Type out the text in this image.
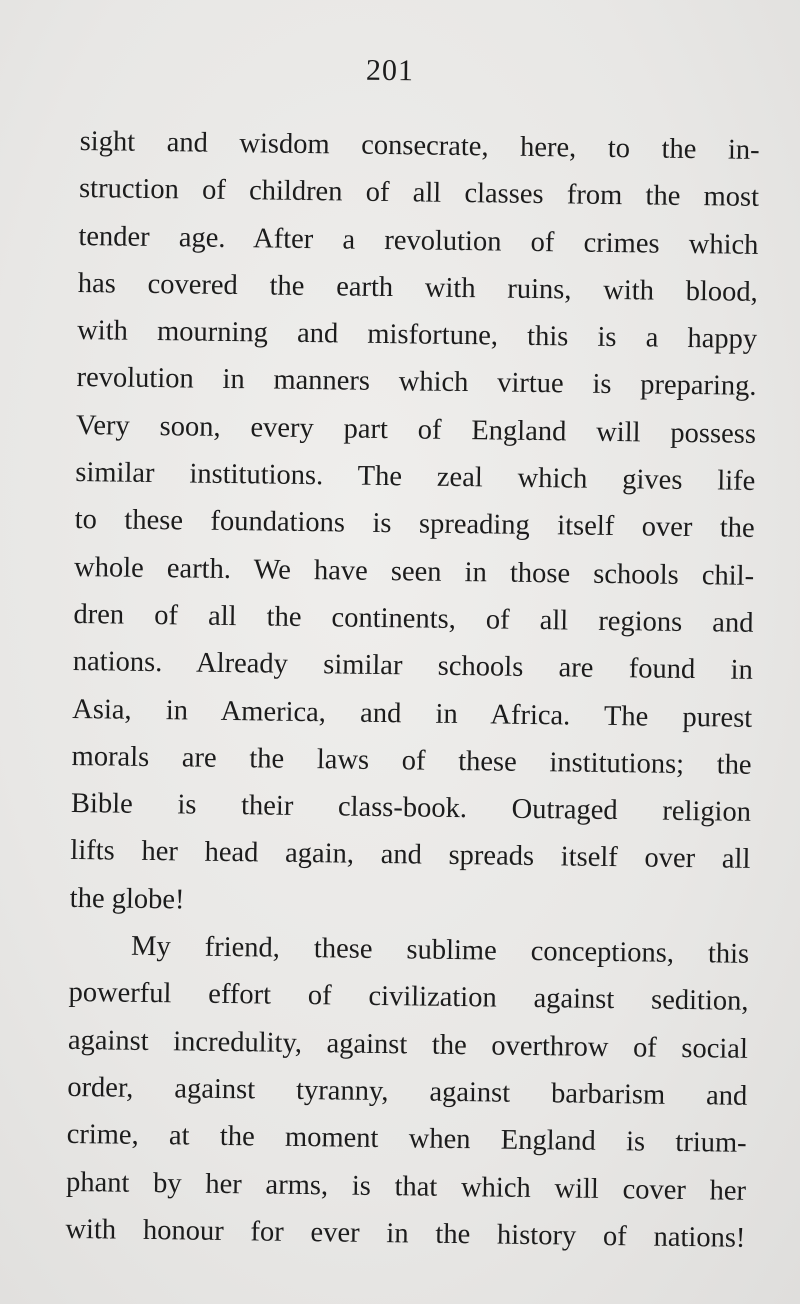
201
sight and wisdom consecrate, here, to the in-
struction of children of all classes from the most
tender age. After a revolution of crimes which
has covered the earth with ruins, with blood,
with mourning and misfortune, this is a happy
revolution in manners which virtue is preparing.
Very soon, every part of England will possess
similar institutions. The zeal which gives life
to these foundations is spreading itself over the
whole earth. We have seen in those schools chil-
dren of all the continents, of all regions and
nations. Already similar schools are found in
Asia, in America, and in Africa. The purest
morals are the laws of these institutions; the
Bible is their class-book. Outraged religion
lifts her head again, and spreads itself over all
the globe!
My friend, these sublime conceptions, this
powerful effort of civilization against sedition,
against incredulity, against the overthrow of social
order, against tyranny, against barbarism and
crime, at the moment when England is trium-
phant by her arms, is that which will cover her
with honour for ever in the history of nations!
